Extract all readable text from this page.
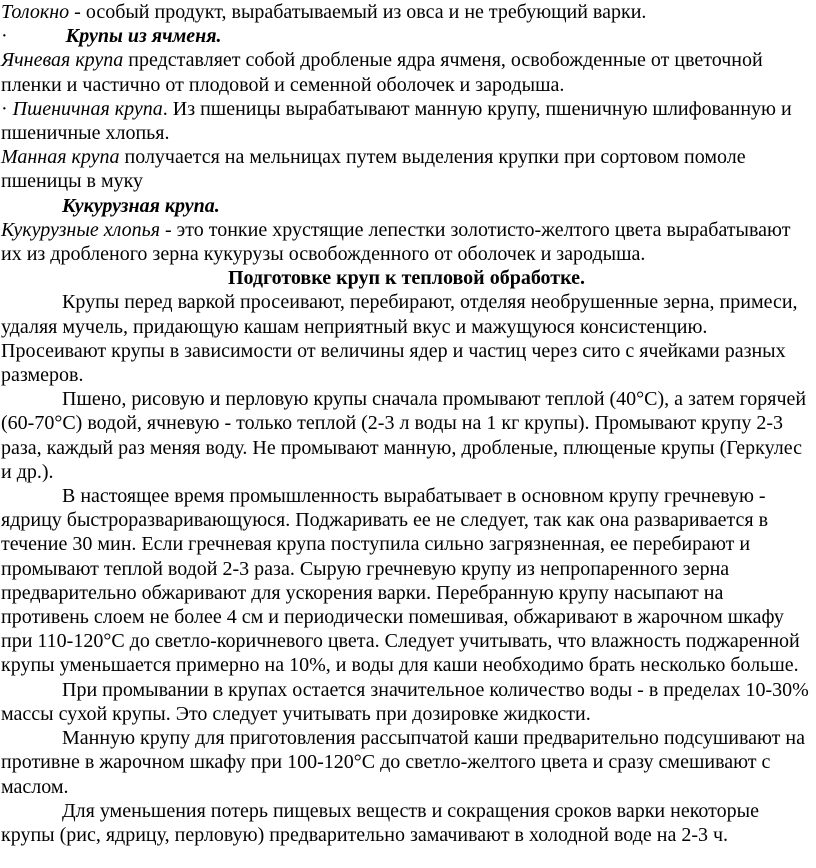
Толокно - особый продукт, вырабатываемый из овса и не требующий варки.

·	Крупы из ячменя.

Ячневая крупа представляет собой дробленые ядра ячменя, освобожденные от цветочной пленки и частично от плодовой и семенной оболочек и зародыша.

· Пшеничная крупа. Из пшеницы вырабатывают манную крупу, пшеничную шлифованную и пшеничные хлопья.

Манная крупа получается на мельницах путем выделения крупки при сортовом помоле пшеницы в муку

Кукурузная крупа.

Кукурузные хлопья - это тонкие хрустящие лепестки золотисто-желтого цвета вырабатывают их из дробленого зерна кукурузы освобожденного от оболочек и зародыша.

Подготовке круп к тепловой обработке.

Крупы перед варкой просеивают, перебирают, отделяя необрушенные зерна, примеси, удаляя мучель, придающую кашам неприятный вкус и мажущуюся консистенцию. Просеивают крупы в зависимости от величины ядер и частиц через сито с ячейками разных размеров.

Пшено, рисовую и перловую крупы сначала промывают теплой (40°С), а затем горячей (60-70°С) водой, ячневую - только теплой (2-3 л воды на 1 кг крупы). Промывают крупу 2-3 раза, каждый раз меняя воду. Не промывают манную, дробленые, плющеные крупы (Геркулес и др.).

В настоящее время промышленность вырабатывает в основном крупу гречневую - ядрицу быстроразваривающуюся. Поджаривать ее не следует, так как она разваривается в течение 30 мин. Если гречневая крупа поступила сильно загрязненная, ее перебирают и промывают теплой водой 2-3 раза. Сырую гречневую крупу из непропаренного зерна предварительно обжаривают для ускорения варки. Перебранную крупу насыпают на противень слоем не более 4 см и периодически помешивая, обжаривают в жарочном шкафу при 110-120°С до светло-коричневого цвета. Следует учитывать, что влажность поджаренной крупы уменьшается примерно на 10%, и воды для каши необходимо брать несколько больше.

При промывании в крупах остается значительное количество воды - в пределах 10-30% массы сухой крупы. Это следует учитывать при дозировке жидкости.

Манную крупу для приготовления рассыпчатой каши предварительно подсушивают на противне в жарочном шкафу при 100-120°С до светло-желтого цвета и сразу смешивают с маслом.

Для уменьшения потерь пищевых веществ и сокращения сроков варки некоторые крупы (рис, ядрицу, перловую) предварительно замачивают в холодной воде на 2-3 ч.
